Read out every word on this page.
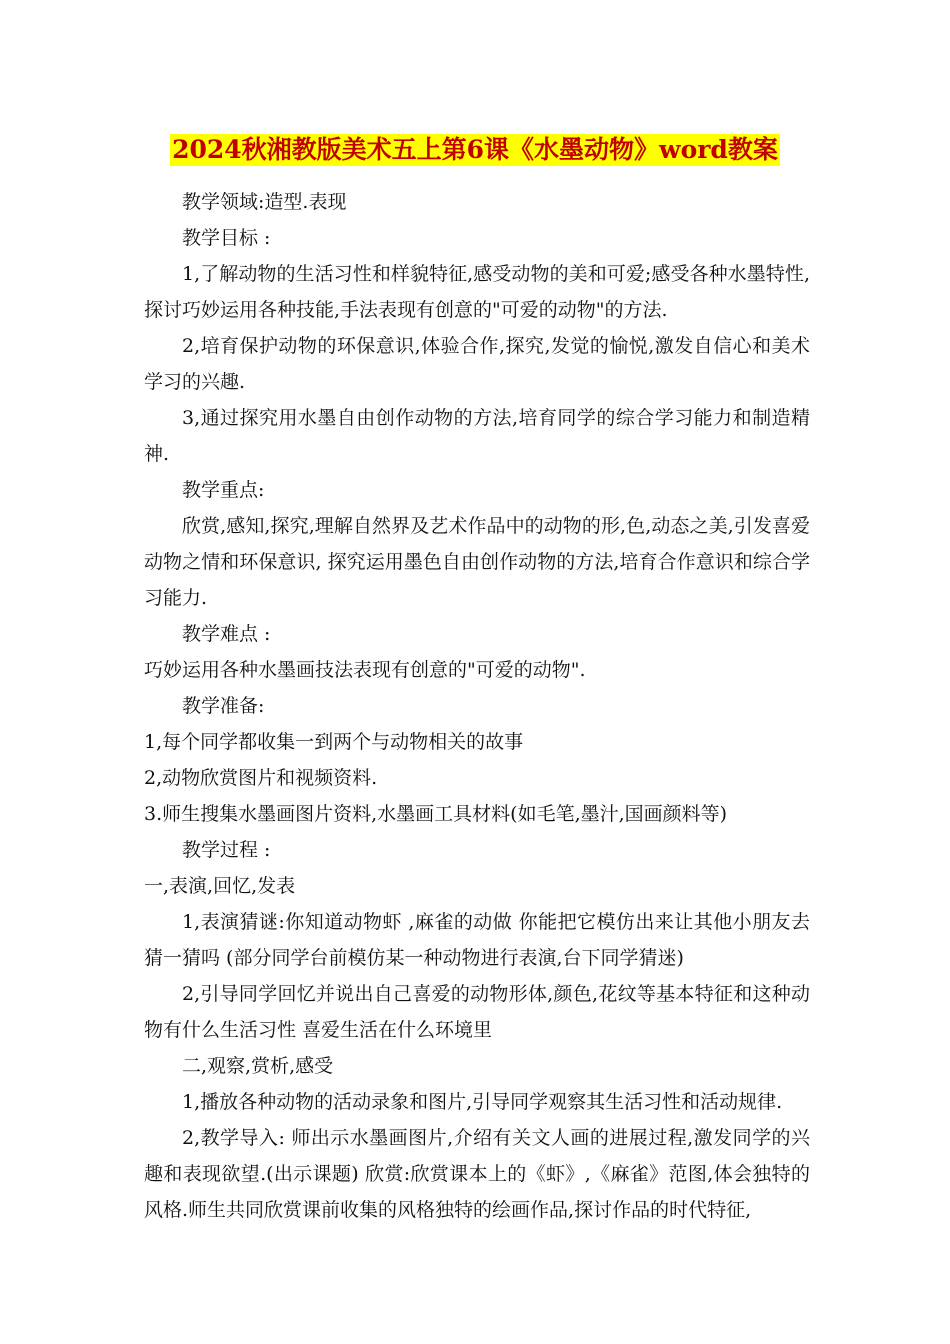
2024秋湘教版美术五上第6课《水墨动物》word教案

教学领域:造型.表现

教学目标 :

1,了解动物的生活习性和样貌特征,感受动物的美和可爱;感受各种水墨特性,探讨巧妙运用各种技能,手法表现有创意的"可爱的动物"的方法.

2,培育保护动物的环保意识,体验合作,探究,发觉的愉悦,激发自信心和美术学习的兴趣.

3,通过探究用水墨自由创作动物的方法,培育同学的综合学习能力和制造精神.

教学重点:

欣赏,感知,探究,理解自然界及艺术作品中的动物的形,色,动态之美,引发喜爱动物之情和环保意识, 探究运用墨色自由创作动物的方法,培育合作意识和综合学习能力.

教学难点 :

巧妙运用各种水墨画技法表现有创意的"可爱的动物".

教学准备:

1,每个同学都收集一到两个与动物相关的故事

2,动物欣赏图片和视频资料.

3.师生搜集水墨画图片资料,水墨画工具材料(如毛笔,墨汁,国画颜料等)

教学过程 :

一,表演,回忆,发表

1,表演猜谜:你知道动物虾 ,麻雀的动做 你能把它模仿出来让其他小朋友去猜一猜吗 (部分同学台前模仿某一种动物进行表演,台下同学猜迷)

2,引导同学回忆并说出自己喜爱的动物形体,颜色,花纹等基本特征和这种动物有什么生活习性 喜爱生活在什么环境里

二,观察,赏析,感受

1,播放各种动物的活动录象和图片,引导同学观察其生活习性和活动规律.

2,教学导入: 师出示水墨画图片,介绍有关文人画的进展过程,激发同学的兴趣和表现欲望.(出示课题) 欣赏:欣赏课本上的《虾》,《麻雀》范图,体会独特的风格.师生共同欣赏课前收集的风格独特的绘画作品,探讨作品的时代特征,
